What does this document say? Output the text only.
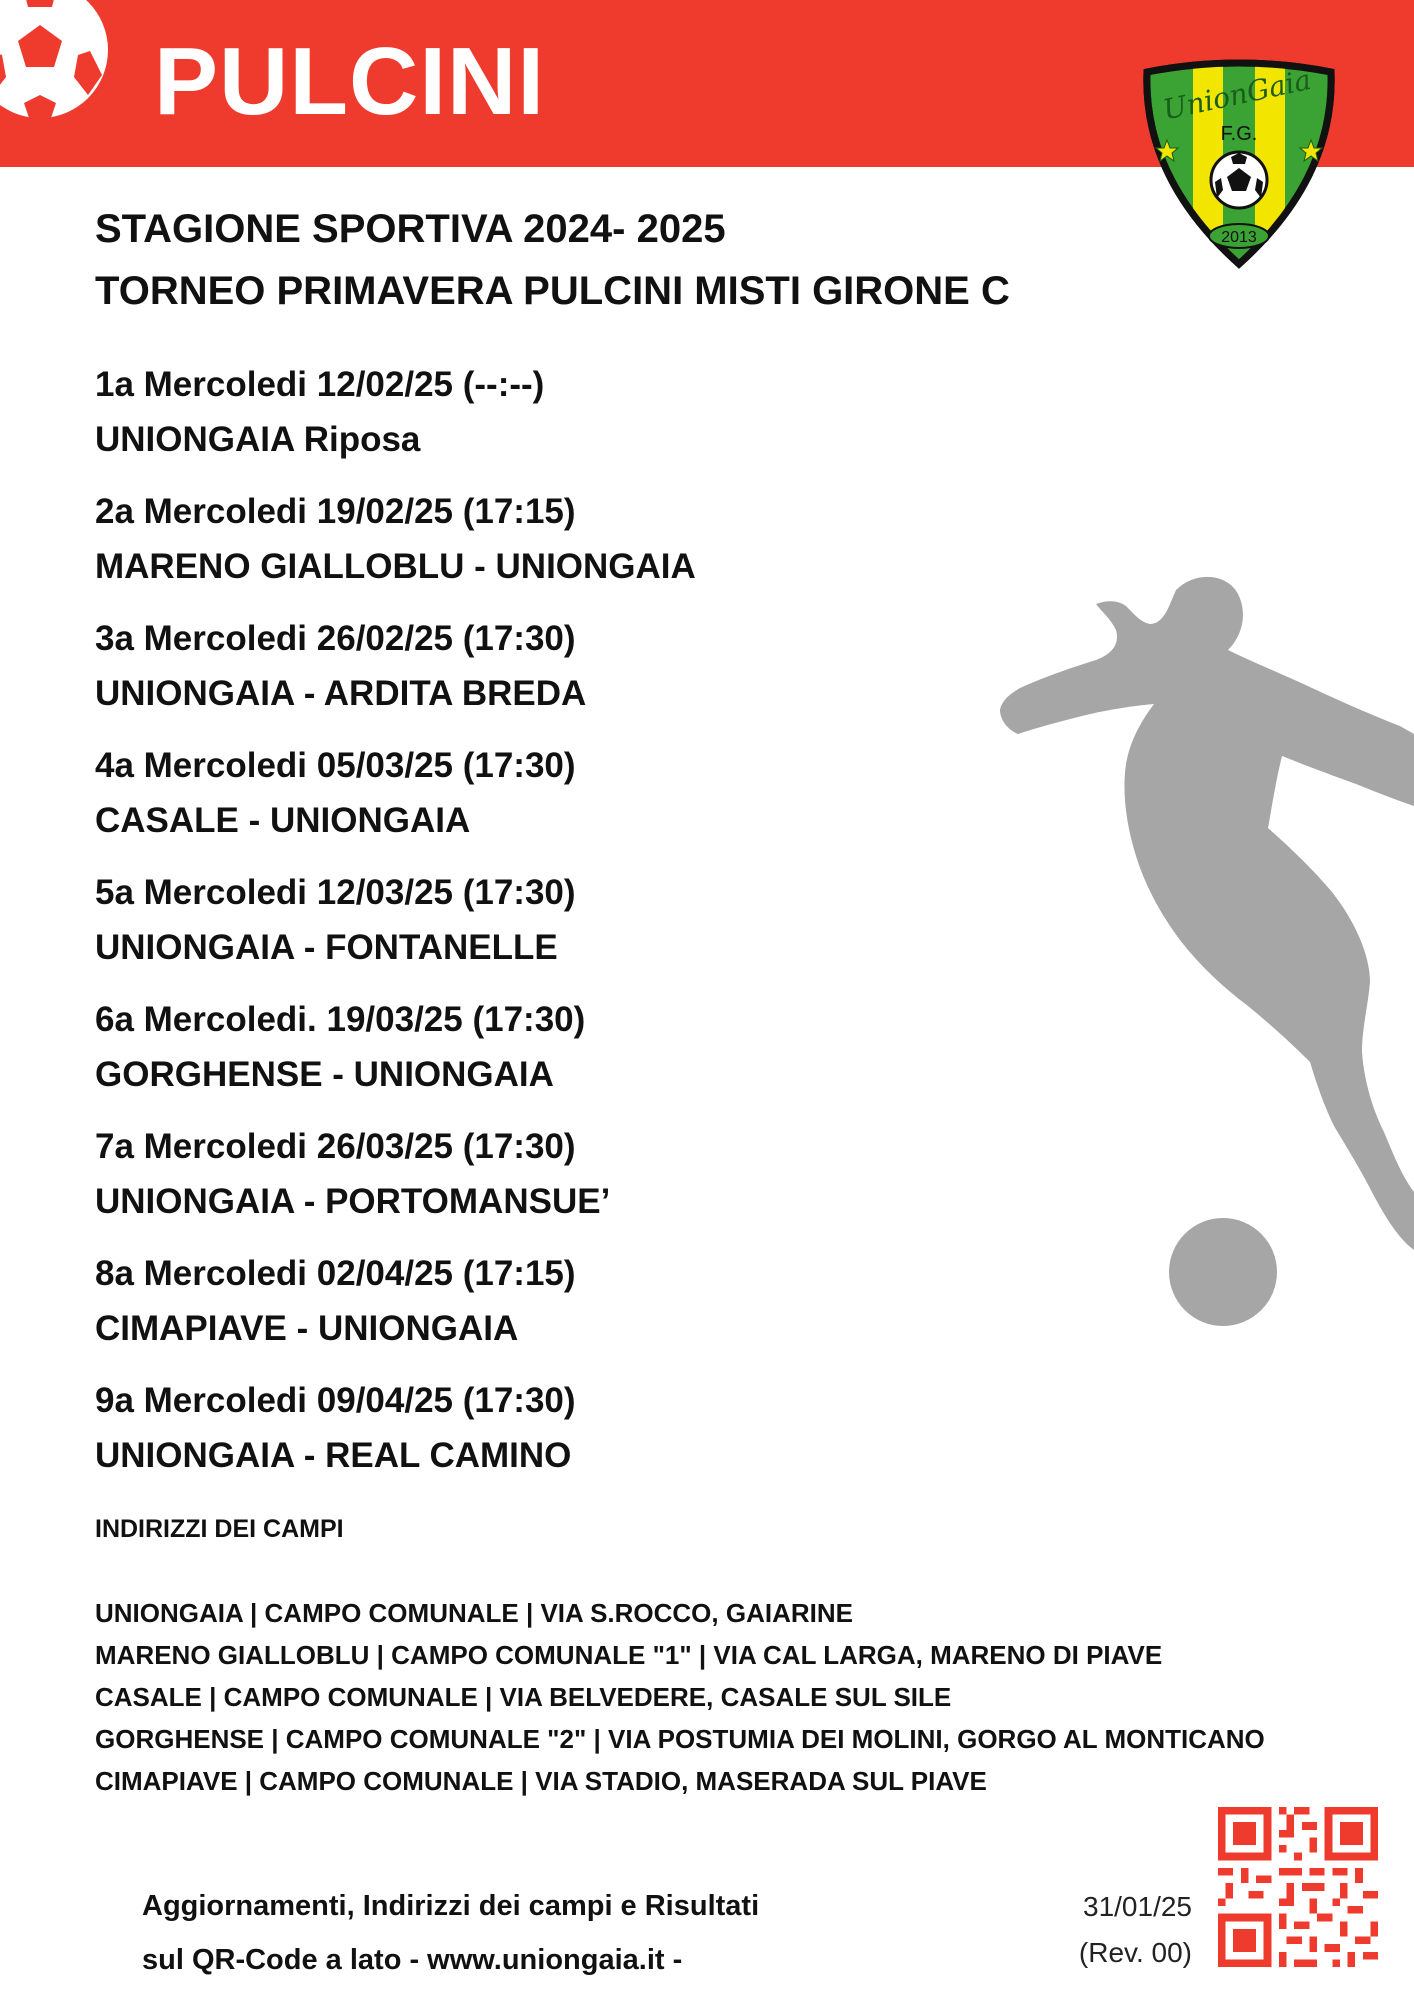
PULCINI	UnionGaia
F.G.
2013
STAGIONE SPORTIVA 2024- 2025
TORNEO PRIMAVERA PULCINI MISTI GIRONE C
1a Mercoledi 12/02/25 (--:--)
UNIONGAIA Riposa
2a Mercoledi 19/02/25 (17:15)
MARENO GIALLOBLU - UNIONGAIA
3a Mercoledi 26/02/25 (17:30)
UNIONGAIA - ARDITA BREDA
4a Mercoledi 05/03/25 (17:30)
CASALE - UNIONGAIA
5a Mercoledi 12/03/25 (17:30)
UNIONGAIA - FONTANELLE
6a Mercoledi. 19/03/25 (17:30)
GORGHENSE - UNIONGAIA
7a Mercoledi 26/03/25 (17:30)
UNIONGAIA - PORTOMANSUE’
8a Mercoledi 02/04/25 (17:15)
CIMAPIAVE - UNIONGAIA
9a Mercoledi 09/04/25 (17:30)
UNIONGAIA - REAL CAMINO
INDIRIZZI DEI CAMPI
UNIONGAIA | CAMPO COMUNALE | VIA S.ROCCO, GAIARINE
MARENO GIALLOBLU | CAMPO COMUNALE "1" | VIA CAL LARGA, MARENO DI PIAVE
CASALE | CAMPO COMUNALE | VIA BELVEDERE, CASALE SUL SILE
GORGHENSE | CAMPO COMUNALE "2" | VIA POSTUMIA DEI MOLINI, GORGO AL MONTICANO
CIMAPIAVE | CAMPO COMUNALE | VIA STADIO, MASERADA SUL PIAVE
Aggiornamenti, Indirizzi dei campi e Risultati
sul QR-Code a lato - www.uniongaia.it -
31/01/25
(Rev. 00)
